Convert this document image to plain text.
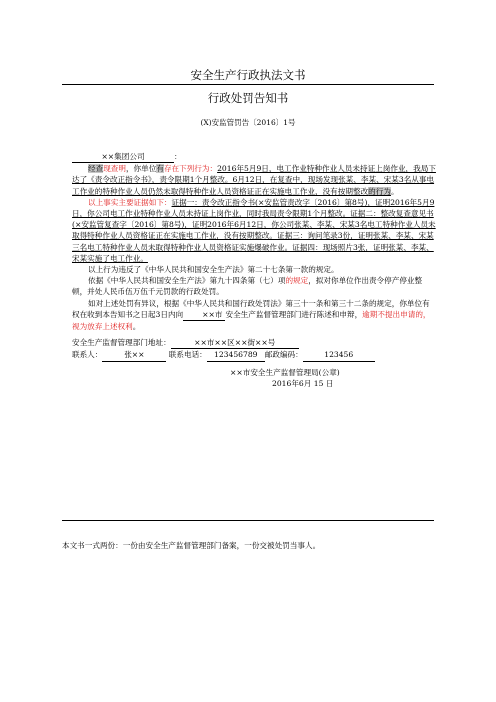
安全生产行政执法文书
行政处罚告知书
(X)安监管罚告〔2016〕1号

××集团公司	：

经查现查明，你单位有存在下列行为：2016年5月9日，电工作业特种作业人员未持证上岗作业，我局下达了《责令改正指令书》，责令限期1个月整改。6月12日，在复查中，现场发现张某、李某、宋某3名从事电工作业的特种作业人员仍然未取得特种作业人员资格证正在实施电工作业，没有按期整改的行为。

以上事实主要证据如下：证据一：责令改正指令书(×安监管责改字〔2016〕第8号)，证明2016年5月9日，你公司电工作业特种作业人员未持证上岗作业，同时我局责令限期1个月整改。证据二：整改复查意见书(×安监管复查字〔2016〕第8号)，证明2016年6月12日，你公司张某、李某、宋某3名电工特种作业人员未取得特种作业人员资格证正在实施电工作业，没有按期整改。证据三：询问笔录3份，证明张某、李某、宋某三名电工特种作业人员未取得特种作业人员资格证实施爆破作业。证据四：现场照片3张，证明张某、李某、宋某实施了电工作业。

以上行为违反了《中华人民共和国安全生产法》第二十七条第一款的规定。

依据《中华人民共和国安全生产法》第九十四条第（七）项的规定，拟对你单位作出责令停产停业整顿，并处人民币伍万伍千元罚款的行政处罚。

如对上述处罚有异议，根据《中华人民共和国行政处罚法》第三十一条和第三十二条的规定，你单位有权在收到本告知书之日起3日内向	××市 安全生产监督管理部门进行陈述和申辩，逾期不提出申请的，视为放弃上述权利。

安全生产监督管理部门地址：	××市××区××街××号

联系人：	张××	联系电话： 123456789 邮政编码：	123456

××市安全生产监督管理局(公章)

2016年6月 15 日

本文书一式两份：一份由安全生产监督管理部门备案，一份交被处罚当事人。
